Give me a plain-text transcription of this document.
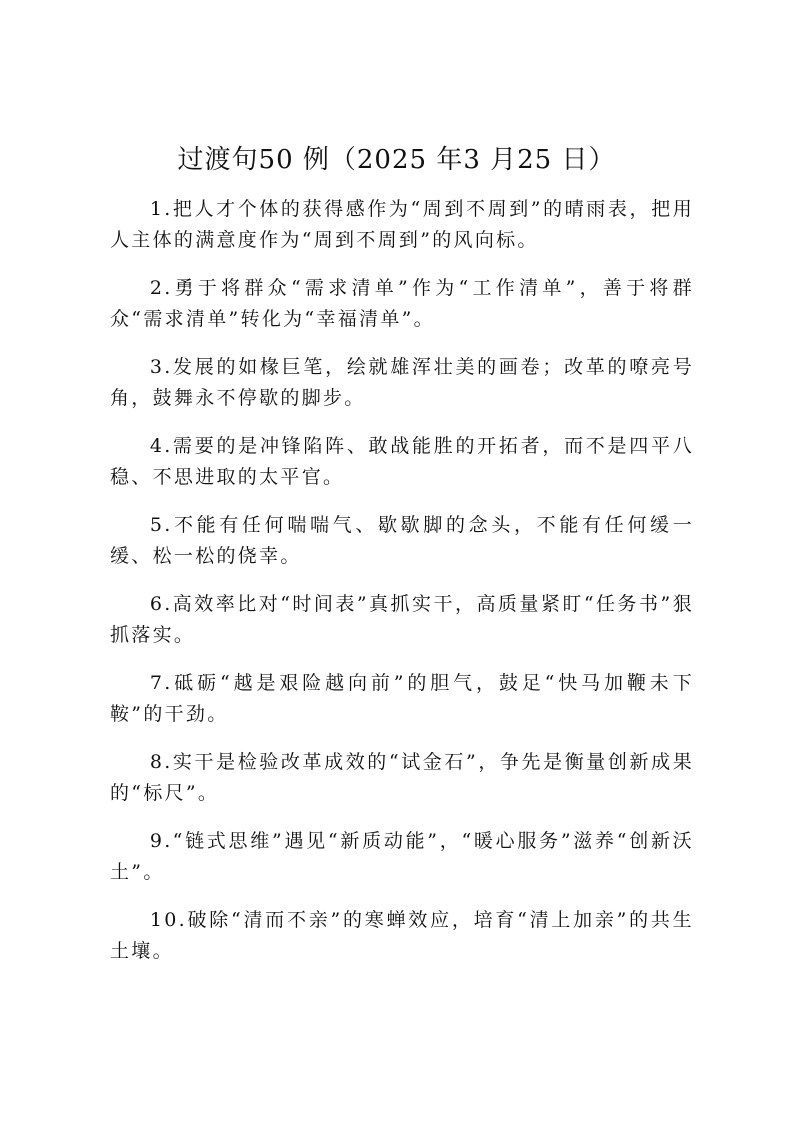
过渡句50 例（2025 年3 月25 日）

1.把人才个体的获得感作为“周到不周到”的晴雨表，把用人主体的满意度作为“周到不周到”的风向标。

2.勇于将群众“需求清单”作为“工作清单”，善于将群众“需求清单”转化为“幸福清单”。

3.发展的如椽巨笔，绘就雄浑壮美的画卷；改革的嘹亮号角，鼓舞永不停歇的脚步。

4.需要的是冲锋陷阵、敢战能胜的开拓者，而不是四平八稳、不思进取的太平官。

5.不能有任何喘喘气、歇歇脚的念头，不能有任何缓一缓、松一松的侥幸。

6.高效率比对“时间表”真抓实干，高质量紧盯“任务书”狠抓落实。

7.砥砺“越是艰险越向前”的胆气，鼓足“快马加鞭未下鞍”的干劲。

8.实干是检验改革成效的“试金石”，争先是衡量创新成果的“标尺”。

9.“链式思维”遇见“新质动能”，“暖心服务”滋养“创新沃土”。

10.破除“清而不亲”的寒蝉效应，培育“清上加亲”的共生土壤。
